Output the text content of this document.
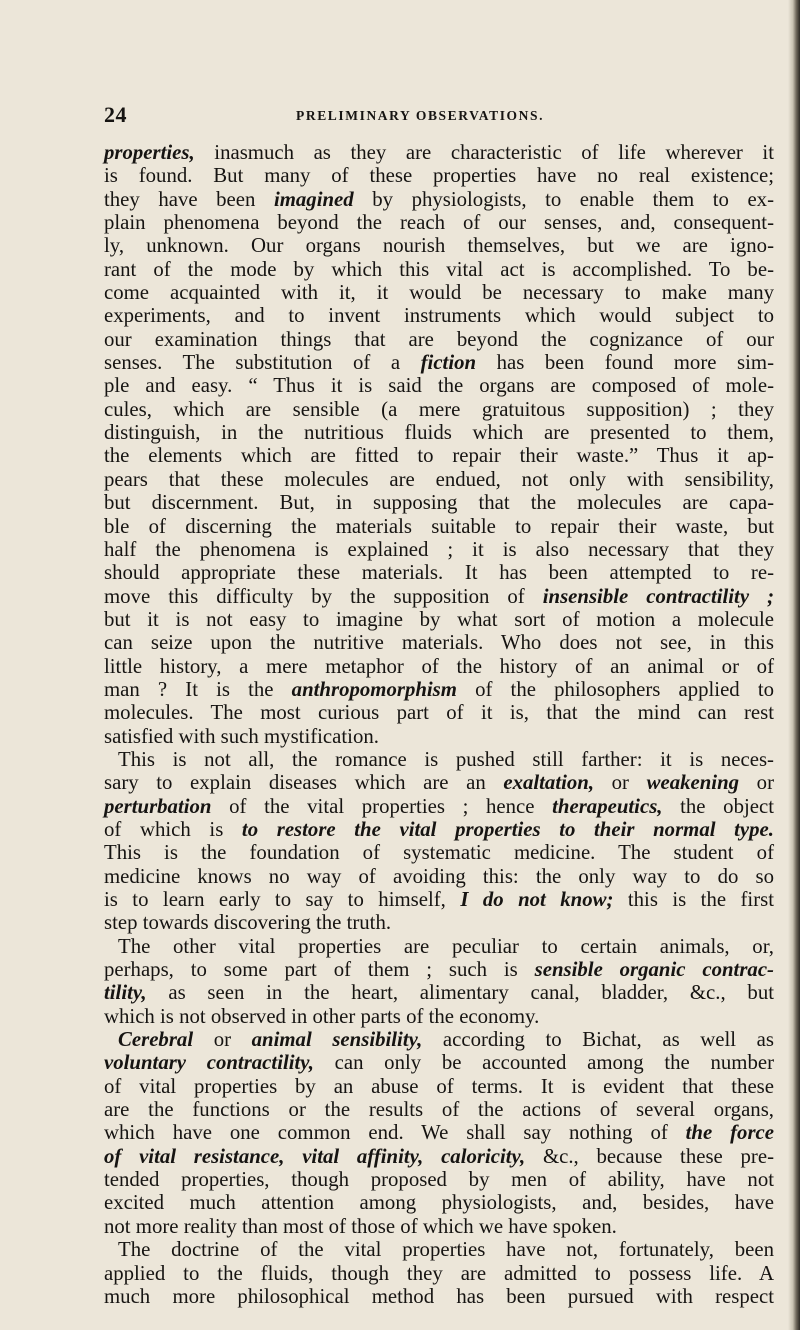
24	PRELIMINARY OBSERVATIONS.

properties, inasmuch as they are characteristic of life wherever it

is found. But many of these properties have no real existence;

they have been imagined by physiologists, to enable them to ex-

plain phenomena beyond the reach of our senses, and, consequent-

ly, unknown. Our organs nourish themselves, but we are igno-

rant of the mode by which this vital act is accomplished. To be-

come acquainted with it, it would be necessary to make many

experiments, and to invent instruments which would subject to

our examination things that are beyond the cognizance of our

senses. The substitution of a fiction has been found more sim-

ple and easy. “ Thus it is said the organs are composed of mole-

cules, which are sensible (a mere gratuitous supposition) ; they

distinguish, in the nutritious fluids which are presented to them,

the elements which are fitted to repair their waste.” Thus it ap-

pears that these molecules are endued, not only with sensibility,

but discernment. But, in supposing that the molecules are capa-

ble of discerning the materials suitable to repair their waste, but

half the phenomena is explained ; it is also necessary that they

should appropriate these materials. It has been attempted to re-

move this difficulty by the supposition of insensible contractility ;

but it is not easy to imagine by what sort of motion a molecule

can seize upon the nutritive materials. Who does not see, in this

little history, a mere metaphor of the history of an animal or of

man ? It is the anthropomorphism of the philosophers applied to

molecules. The most curious part of it is, that the mind can rest

satisfied with such mystification.

This is not all, the romance is pushed still farther: it is neces-

sary to explain diseases which are an exaltation, or weakening or

perturbation of the vital properties ; hence therapeutics, the object

of which is to restore the vital properties to their normal type.

This is the foundation of systematic medicine. The student of

medicine knows no way of avoiding this: the only way to do so

is to learn early to say to himself, I do not know; this is the first

step towards discovering the truth.

The other vital properties are peculiar to certain animals, or,

perhaps, to some part of them ; such is sensible organic contrac-

tility, as seen in the heart, alimentary canal, bladder, &c., but

which is not observed in other parts of the economy.

Cerebral or animal sensibility, according to Bichat, as well as

voluntary contractility, can only be accounted among the number

of vital properties by an abuse of terms. It is evident that these

are the functions or the results of the actions of several organs,

which have one common end. We shall say nothing of the force

of vital resistance, vital affinity, caloricity, &c., because these pre-

tended properties, though proposed by men of ability, have not

excited much attention among physiologists, and, besides, have

not more reality than most of those of which we have spoken.

The doctrine of the vital properties have not, fortunately, been

applied to the fluids, though they are admitted to possess life. A

much more philosophical method has been pursued with respect
